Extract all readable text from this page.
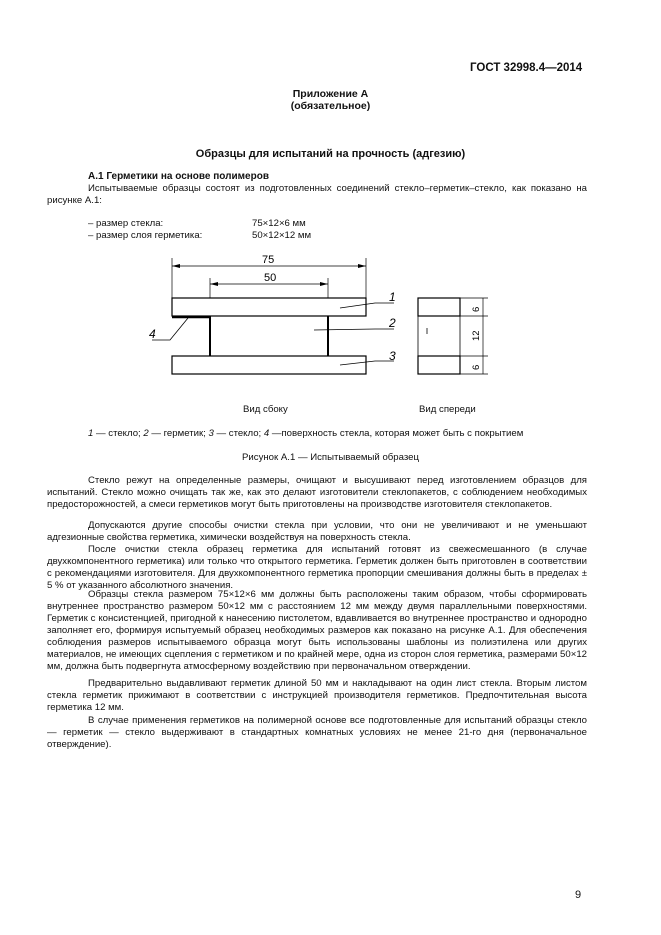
ГОСТ 32998.4—2014
Приложение А
(обязательное)
Образцы для испытаний на прочность (адгезию)
А.1 Герметики на основе полимеров
Испытываемые образцы состоят из подготовленных соединений стекло–герметик–стекло, как показано на рисунке А.1:
– размер стекла:	75×12×6 мм
– размер слоя герметика:	50×12×12 мм
75
50
1
2
3
4
6
12
6
Вид сбоку	Вид спереди
1 — стекло; 2 — герметик; 3 — стекло; 4 —поверхность стекла, которая может быть с покрытием
Рисунок А.1 — Испытываемый образец
Стекло режут на определенные размеры, очищают и высушивают перед изготовлением образцов для испытаний. Стекло можно очищать так же, как это делают изготовители стеклопакетов, с соблюдением необходимых предосторожностей, а смеси герметиков могут быть приготовлены на производстве изготовителя стеклопакетов.
Допускаются другие способы очистки стекла при условии, что они не увеличивают и не уменьшают адгезионные свойства герметика, химически воздействуя на поверхность стекла.
После очистки стекла образец герметика для испытаний готовят из свежесмешанного (в случае двухкомпонентного герметика) или только что открытого герметика. Герметик должен быть приготовлен в соответствии с рекомендациями изготовителя. Для двухкомпонентного герметика пропорции смешивания должны быть в пределах ± 5 % от указанного абсолютного значения.
Образцы стекла размером 75×12×6 мм должны быть расположены таким образом, чтобы сформировать внутреннее пространство размером 50×12 мм с расстоянием 12 мм между двумя параллельными поверхностями. Герметик с консистенцией, пригодной к нанесению пистолетом, вдавливается во внутреннее пространство и однородно заполняет его, формируя испытуемый образец необходимых размеров как показано на рисунке А.1. Для обеспечения соблюдения размеров испытываемого образца могут быть использованы шаблоны из полиэтилена или других материалов, не имеющих сцепления с герметиком и по крайней мере, одна из сторон слоя герметика, размерами 50×12 мм, должна быть подвергнута атмосферному воздействию при первоначальном отверждении.
Предварительно выдавливают герметик длиной 50 мм и накладывают на один лист стекла. Вторым листом стекла герметик прижимают в соответствии с инструкцией производителя герметиков. Предпочтительная высота герметика 12 мм.
В случае применения герметиков на полимерной основе все подготовленные для испытаний образцы стекло — герметик — стекло выдерживают в стандартных комнатных условиях не менее 21-го дня (первоначальное отверждение).
9
